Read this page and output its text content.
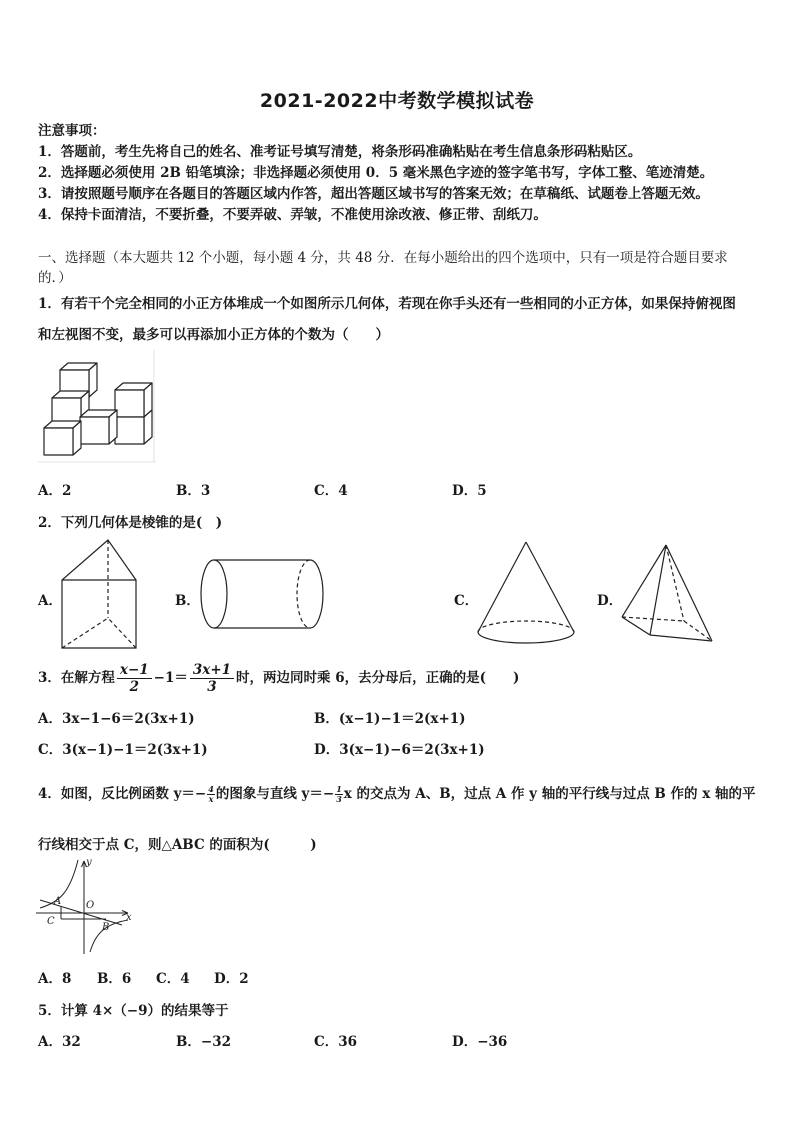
2021-2022中考数学模拟试卷
注意事项：
1．答题前，考生先将自己的姓名、准考证号填写清楚，将条形码准确粘贴在考生信息条形码粘贴区。
2．选择题必须使用 2B 铅笔填涂；非选择题必须使用 0．5 毫米黑色字迹的签字笔书写，字体工整、笔迹清楚。
3．请按照题号顺序在各题目的答题区域内作答，超出答题区域书写的答案无效；在草稿纸、试题卷上答题无效。
4．保持卡面清洁，不要折叠，不要弄破、弄皱，不准使用涂改液、修正带、刮纸刀。
一、选择题（本大题共 12 个小题，每小题 4 分，共 48 分．在每小题给出的四个选项中，只有一项是符合题目要求
的．）
1．有若干个完全相同的小正方体堆成一个如图所示几何体，若现在你手头还有一些相同的小正方体，如果保持俯视图
和左视图不变，最多可以再添加小正方体的个数为（　　）
A．2	B．3	C．4	D．5
2．下列几何体是棱锥的是(　)
A．	B．	C．	D．
3．在解方程 $\frac{x-1}{2} -1= \frac{3x+1}{3}$ 时，两边同时乘 6，去分母后，正确的是(　　)
A．3x−1−6＝2(3x+1)	B．(x−1)−1＝2(x+1)
C．3(x−1)−1＝2(3x+1)	D．3(x−1)−6＝2(3x+1)
4．如图，反比例函数 $y=- \frac{4}{x}$ 的图象与直线 $y=- \frac{1}{3}$ x 的交点为 A、B，过点 A 作 y 轴的平行线与过点 B 作的 x 轴的平
行线相交于点 C，则△ABC 的面积为(　　　)
y
x
O
A
B
C
A．8 B．6 C．4 D．2
5．计算 4×（−9）的结果等于
A．32	B．−32	C．36	D．−36
